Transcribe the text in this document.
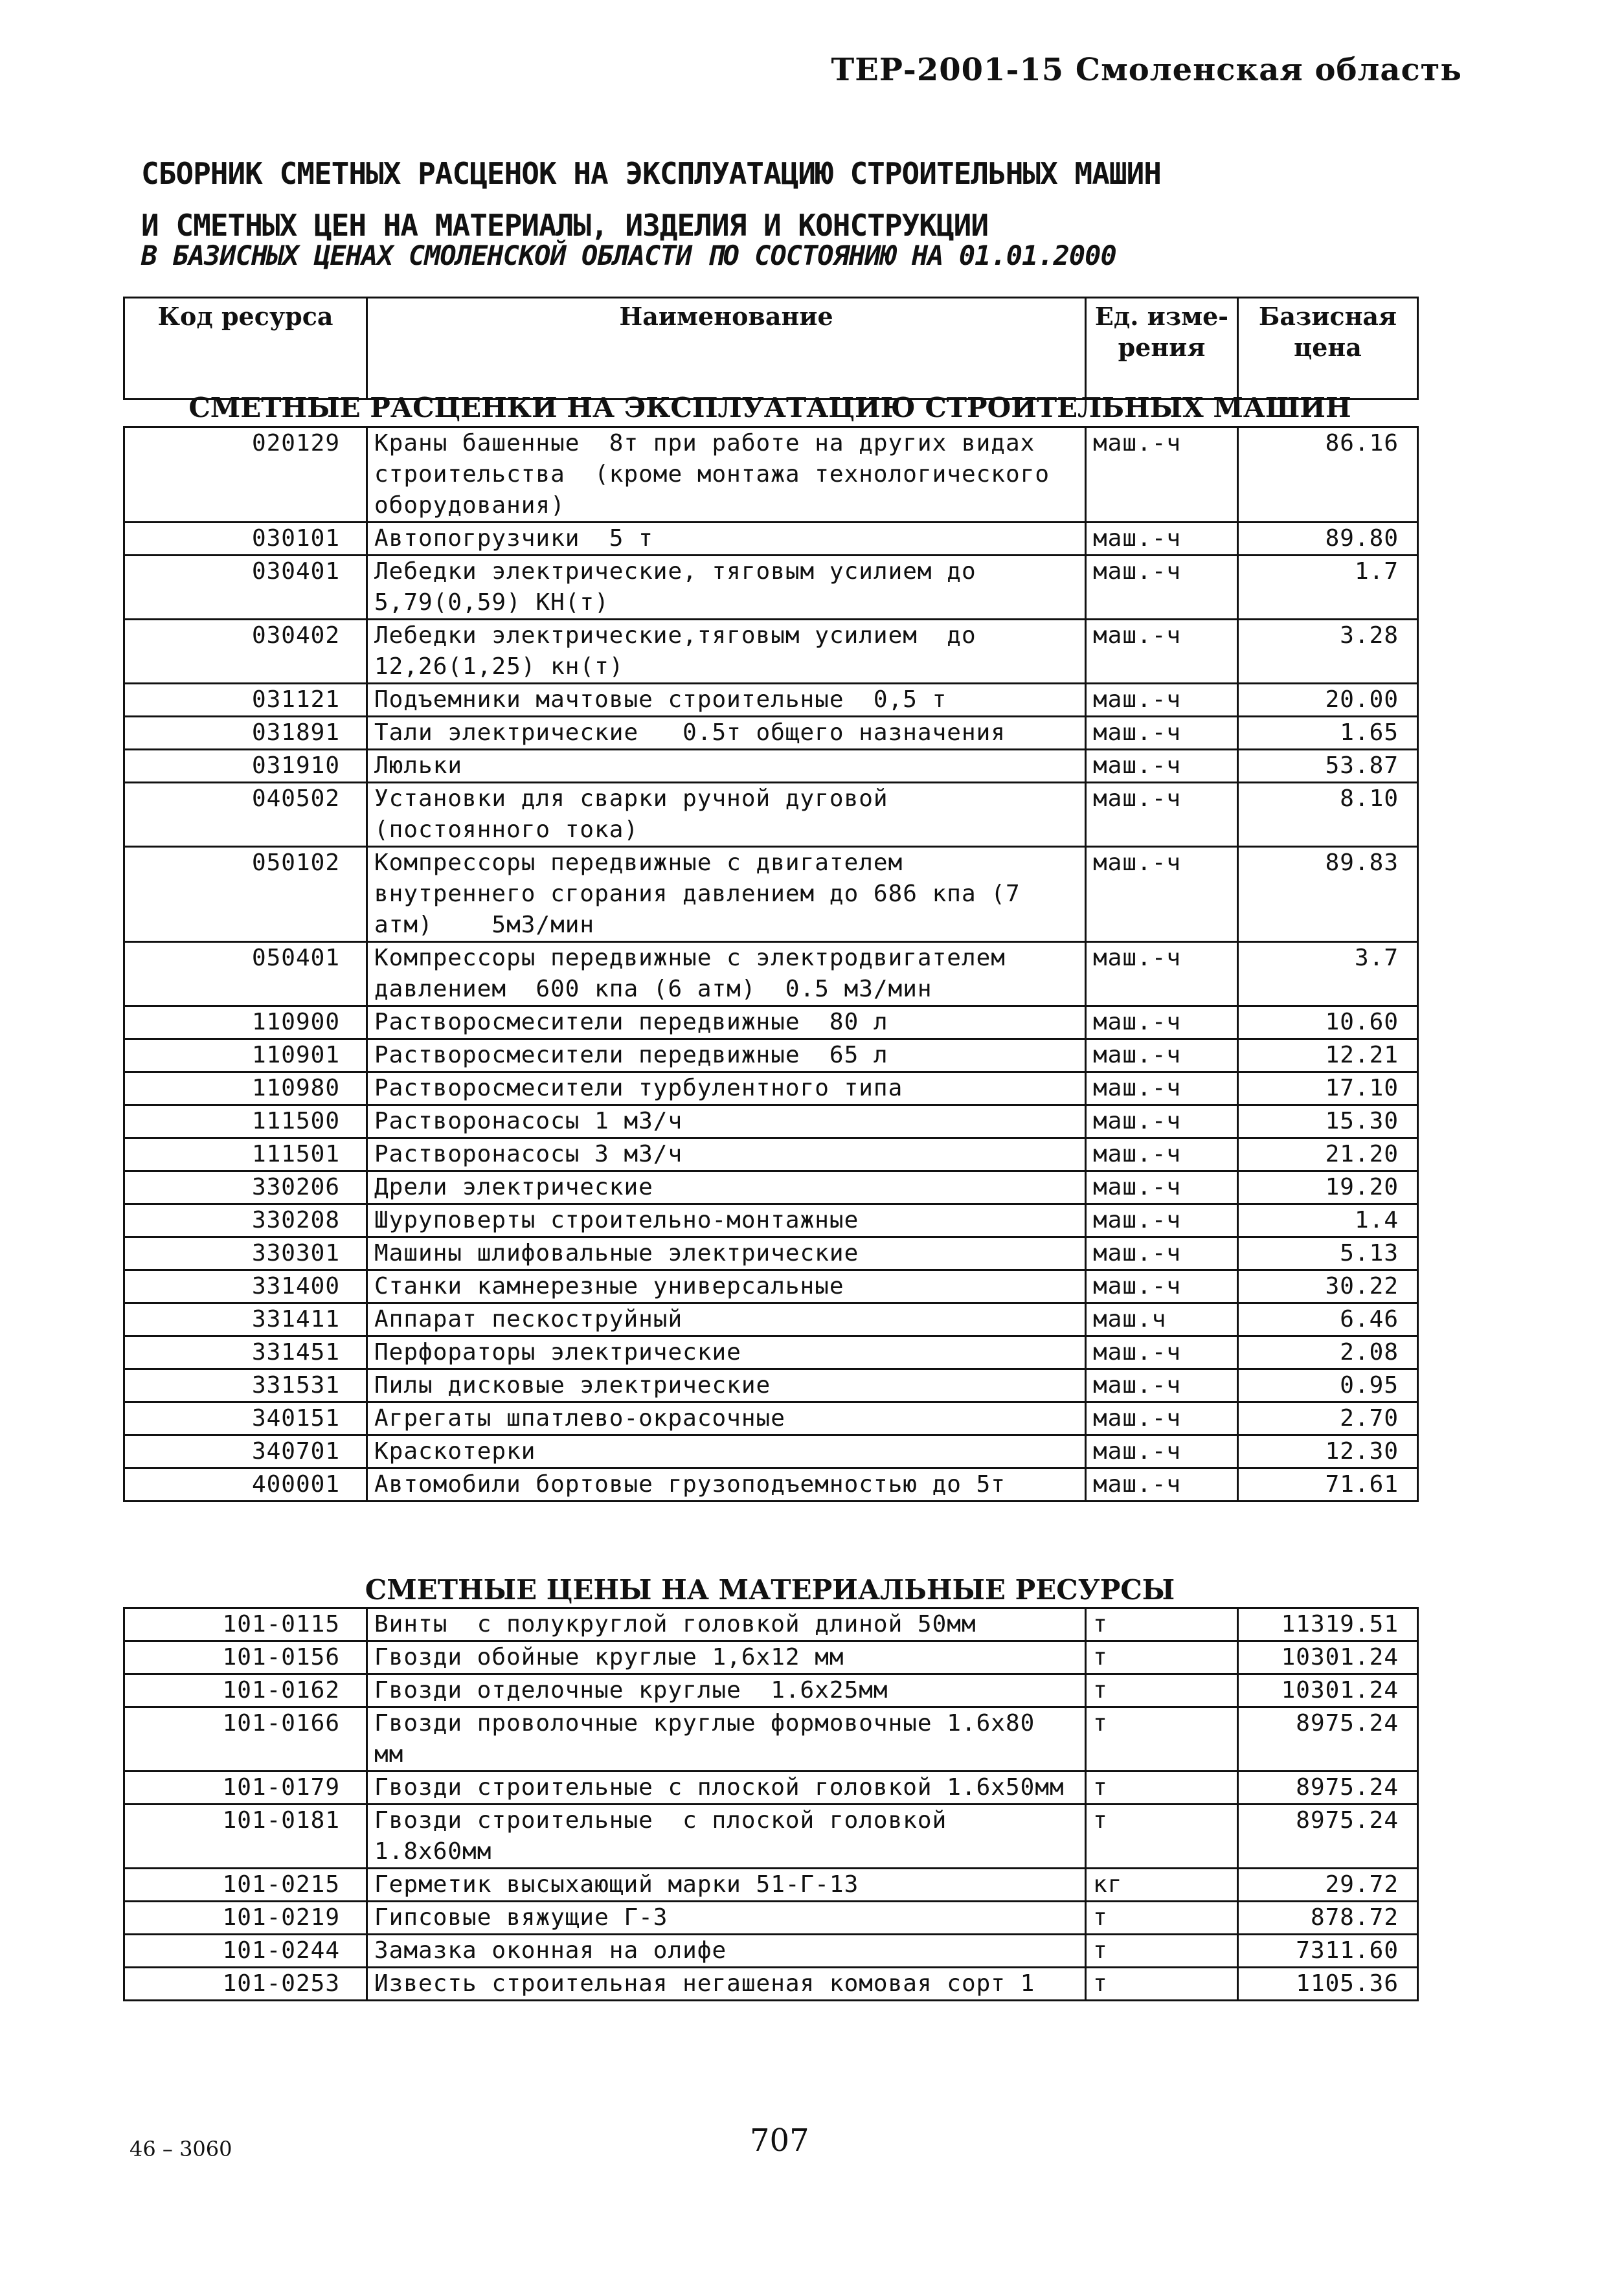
ТЕР-2001-15 Смоленская область
СБОРНИК СМЕТНЫХ РАСЦЕНОК НА ЭКСПЛУАТАЦИЮ СТРОИТЕЛЬНЫХ МАШИН
И СМЕТНЫХ ЦЕН НА МАТЕРИАЛЫ, ИЗДЕЛИЯ И КОНСТРУКЦИИ
В БАЗИСНЫХ ЦЕНАХ СМОЛЕНСКОЙ ОБЛАСТИ ПО СОСТОЯНИЮ НА 01.01.2000
Код ресурса	Наименование	Ед. изме-рения	Базисная цена
СМЕТНЫЕ РАСЦЕНКИ НА ЭКСПЛУАТАЦИЮ СТРОИТЕЛЬНЫХ МАШИН
020129	Краны башенные  8т при работе на других видах строительства  (кроме монтажа технологического оборудования)	маш.-ч	86.16
030101	Автопогрузчики  5 т	маш.-ч	89.80
030401	Лебедки электрические, тяговым усилием до  5,79(0,59) КН(т)	маш.-ч	1.7
030402	Лебедки электрические,тяговым усилием  до 12,26(1,25) кн(т)	маш.-ч	3.28
031121	Подъемники мачтовые строительные  0,5 т	маш.-ч	20.00
031891	Тали электрические   0.5т общего назначения	маш.-ч	1.65
031910	Люльки	маш.-ч	53.87
040502	Установки для сварки ручной дуговой (постоянного тока)	маш.-ч	8.10
050102	Компрессоры передвижные с двигателем внутреннего сгорания давлением до 686 кпа (7 атм)    5м3/мин	маш.-ч	89.83
050401	Компрессоры передвижные с электродвигателем  давлением  600 кпа (6 атм)  0.5 м3/мин	маш.-ч	3.7
110900	Растворосмесители передвижные  80 л	маш.-ч	10.60
110901	Растворосмесители передвижные  65 л	маш.-ч	12.21
110980	Растворосмесители турбулентного типа	маш.-ч	17.10
111500	Растворонасосы 1 м3/ч	маш.-ч	15.30
111501	Растворонасосы 3 м3/ч	маш.-ч	21.20
330206	Дрели электрические	маш.-ч	19.20
330208	Шуруповерты строительно-монтажные	маш.-ч	1.4
330301	Машины шлифовальные электрические	маш.-ч	5.13
331400	Станки камнерезные универсальные	маш.-ч	30.22
331411	Аппарат пескоструйный	маш.ч	6.46
331451	Перфораторы электрические	маш.-ч	2.08
331531	Пилы дисковые электрические	маш.-ч	0.95
340151	Агрегаты шпатлево-окрасочные	маш.-ч	2.70
340701	Краскотерки	маш.-ч	12.30
400001	Автомобили бортовые грузоподъемностью до 5т	маш.-ч	71.61
СМЕТНЫЕ ЦЕНЫ НА МАТЕРИАЛЬНЫЕ РЕСУРСЫ
101-0115	Винты  с полукруглой головкой длиной 50мм	т	11319.51
101-0156	Гвозди обойные круглые 1,6х12 мм	т	10301.24
101-0162	Гвозди отделочные круглые  1.6х25мм	т	10301.24
101-0166	Гвозди проволочные круглые формовочные 1.6х80 мм	т	8975.24
101-0179	Гвозди строительные с плоской головкой 1.6х50мм	т	8975.24
101-0181	Гвозди строительные  с плоской головкой 1.8х60мм	т	8975.24
101-0215	Герметик высыхающий марки 51-Г-13	кг	29.72
101-0219	Гипсовые вяжущие Г-3	т	878.72
101-0244	Замазка оконная на олифе	т	7311.60
101-0253	Известь строительная негашеная комовая сорт 1	т	1105.36
46 – 3060	707
